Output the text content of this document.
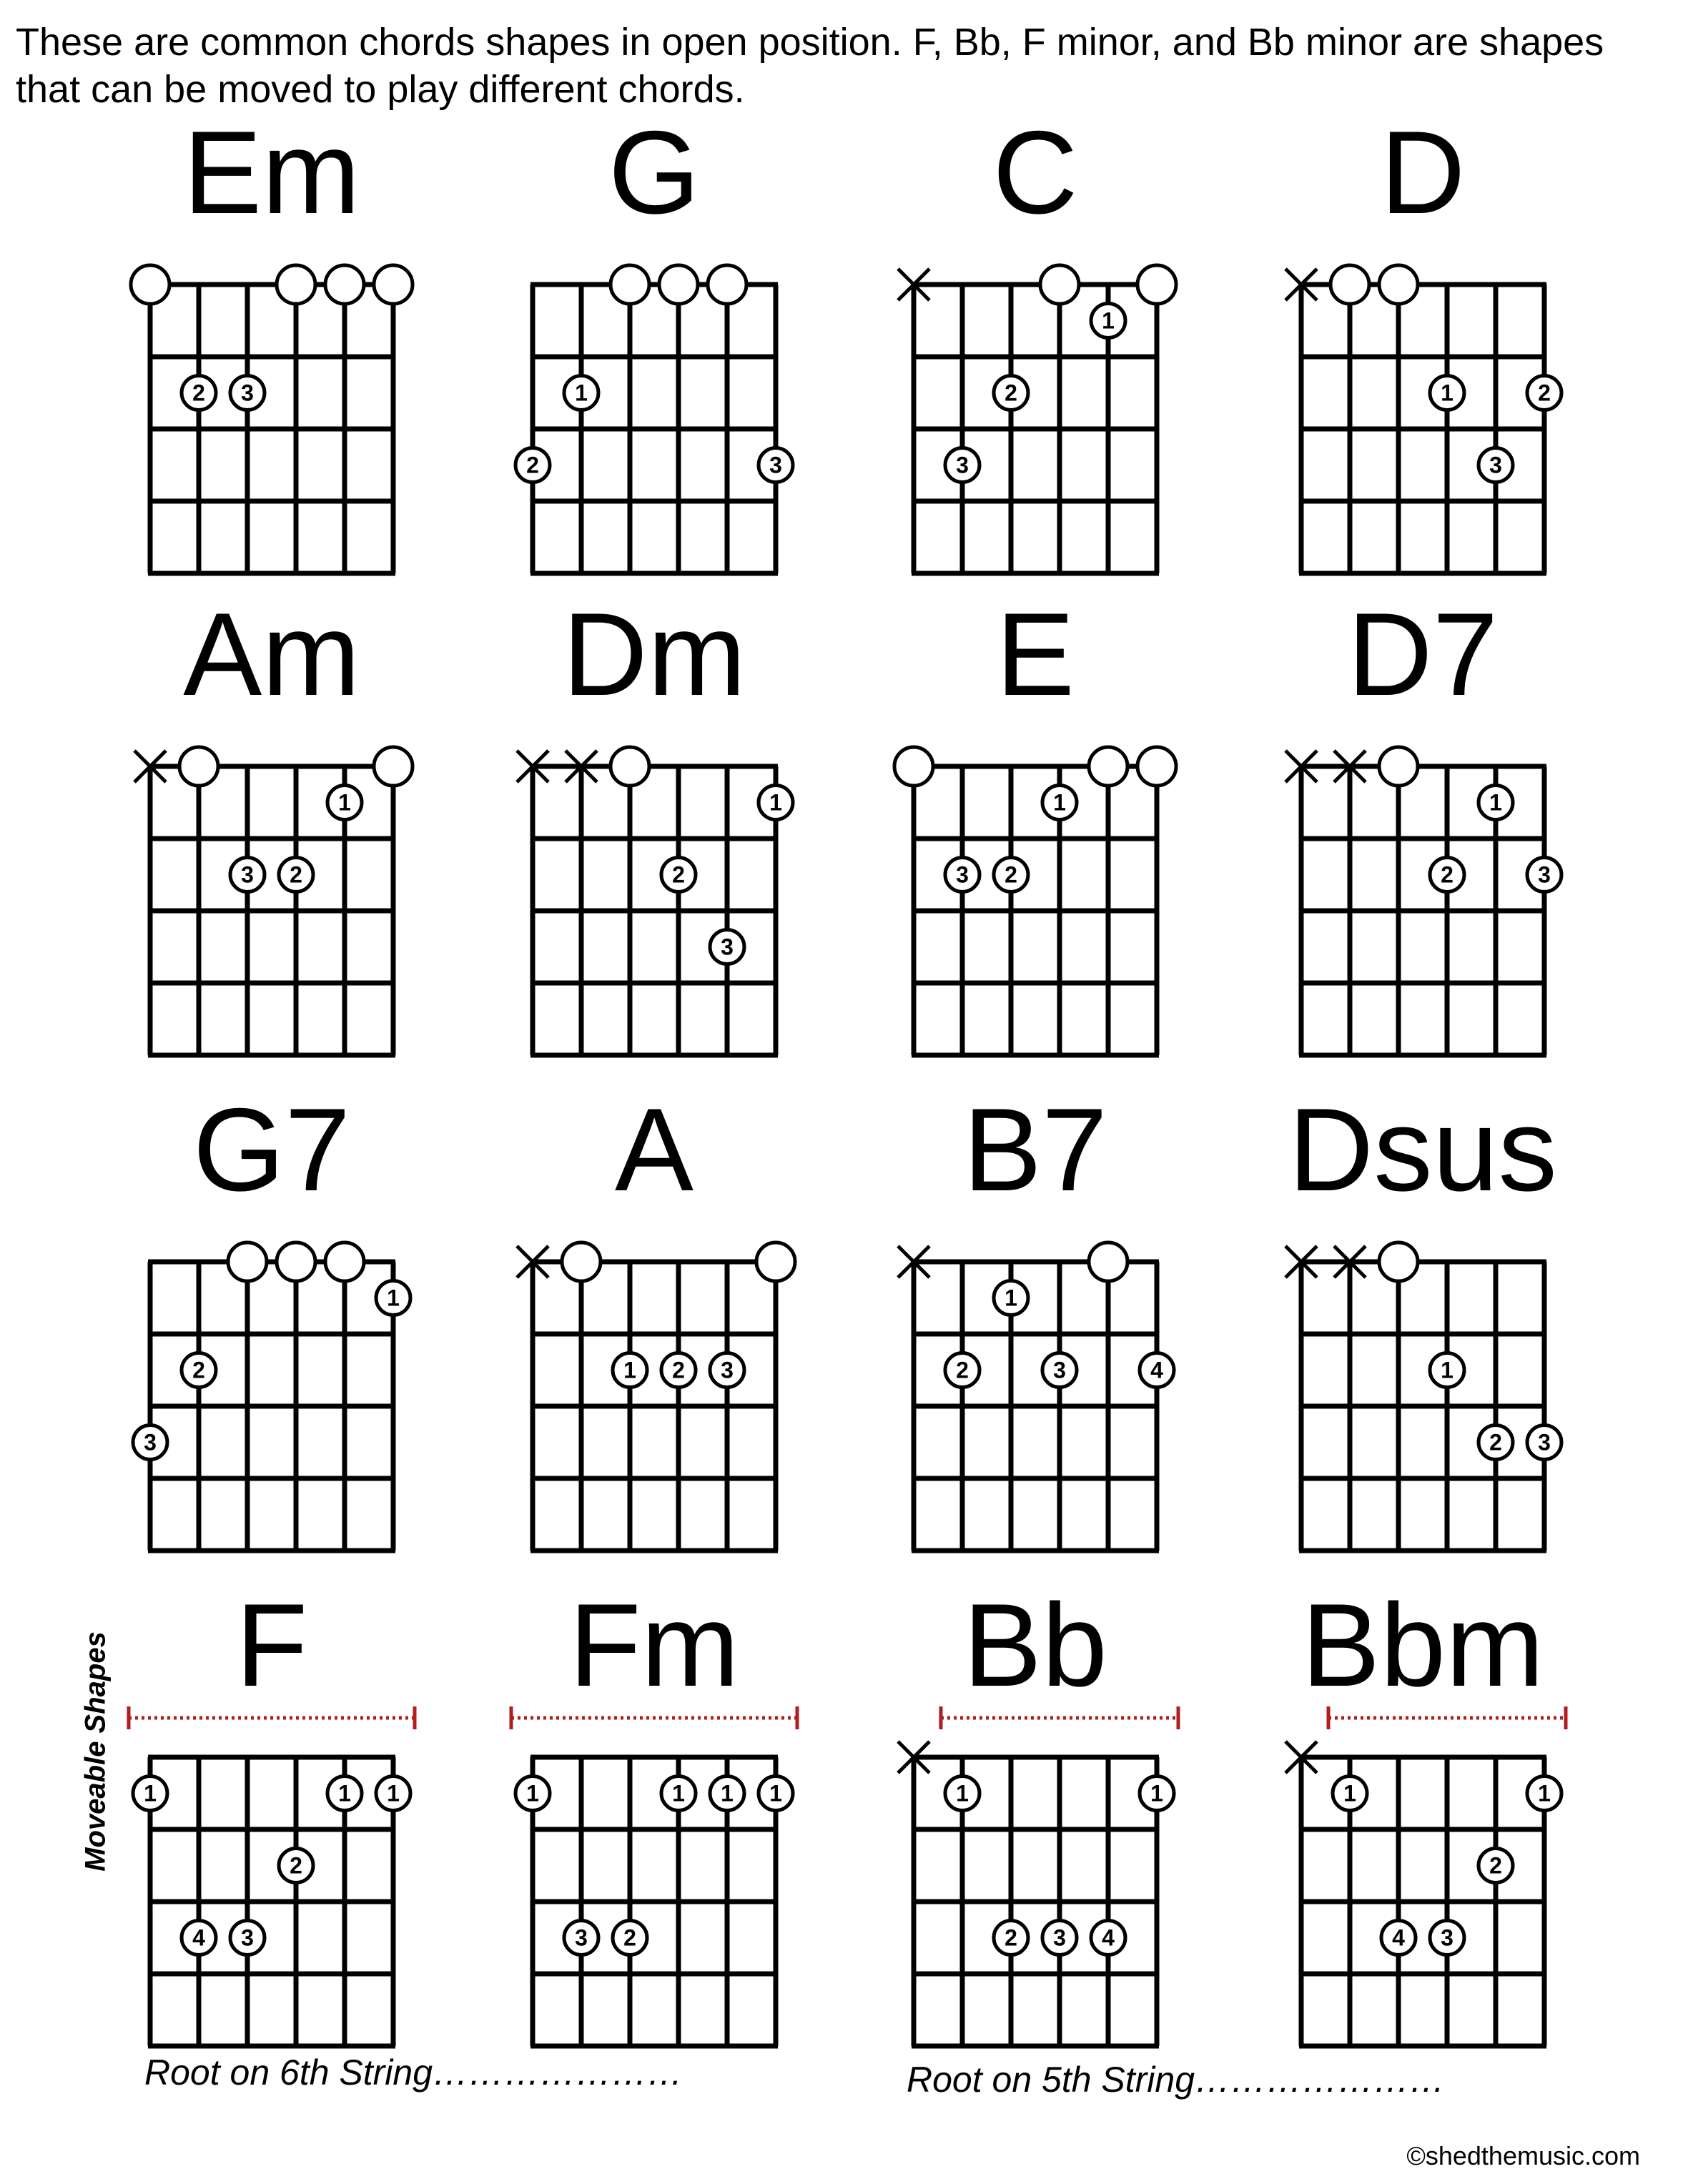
These are common chords shapes in open position. F, Bb, F minor, and Bb minor are shapes that can be moved to play different chords.

Em
2 3
G
1
2	3
C
1
2
3
D
1	2
3
Am
1
3 2
Dm
1
2
3
E
1
3 2
D7
1
2	3
G7
1
2
3
A
1 2 3
B7
1
2	3	4
Dsus
1
2 3
F
1	1 1
2
4 3
Fm
1	1 1 1
3 2
Bb
1	1
2 3 4
Bbm
1	1
2
4 3
Moveable Shapes
Root on 6th String…………………	Root on 5th String…………………
©shedthemusic.com
